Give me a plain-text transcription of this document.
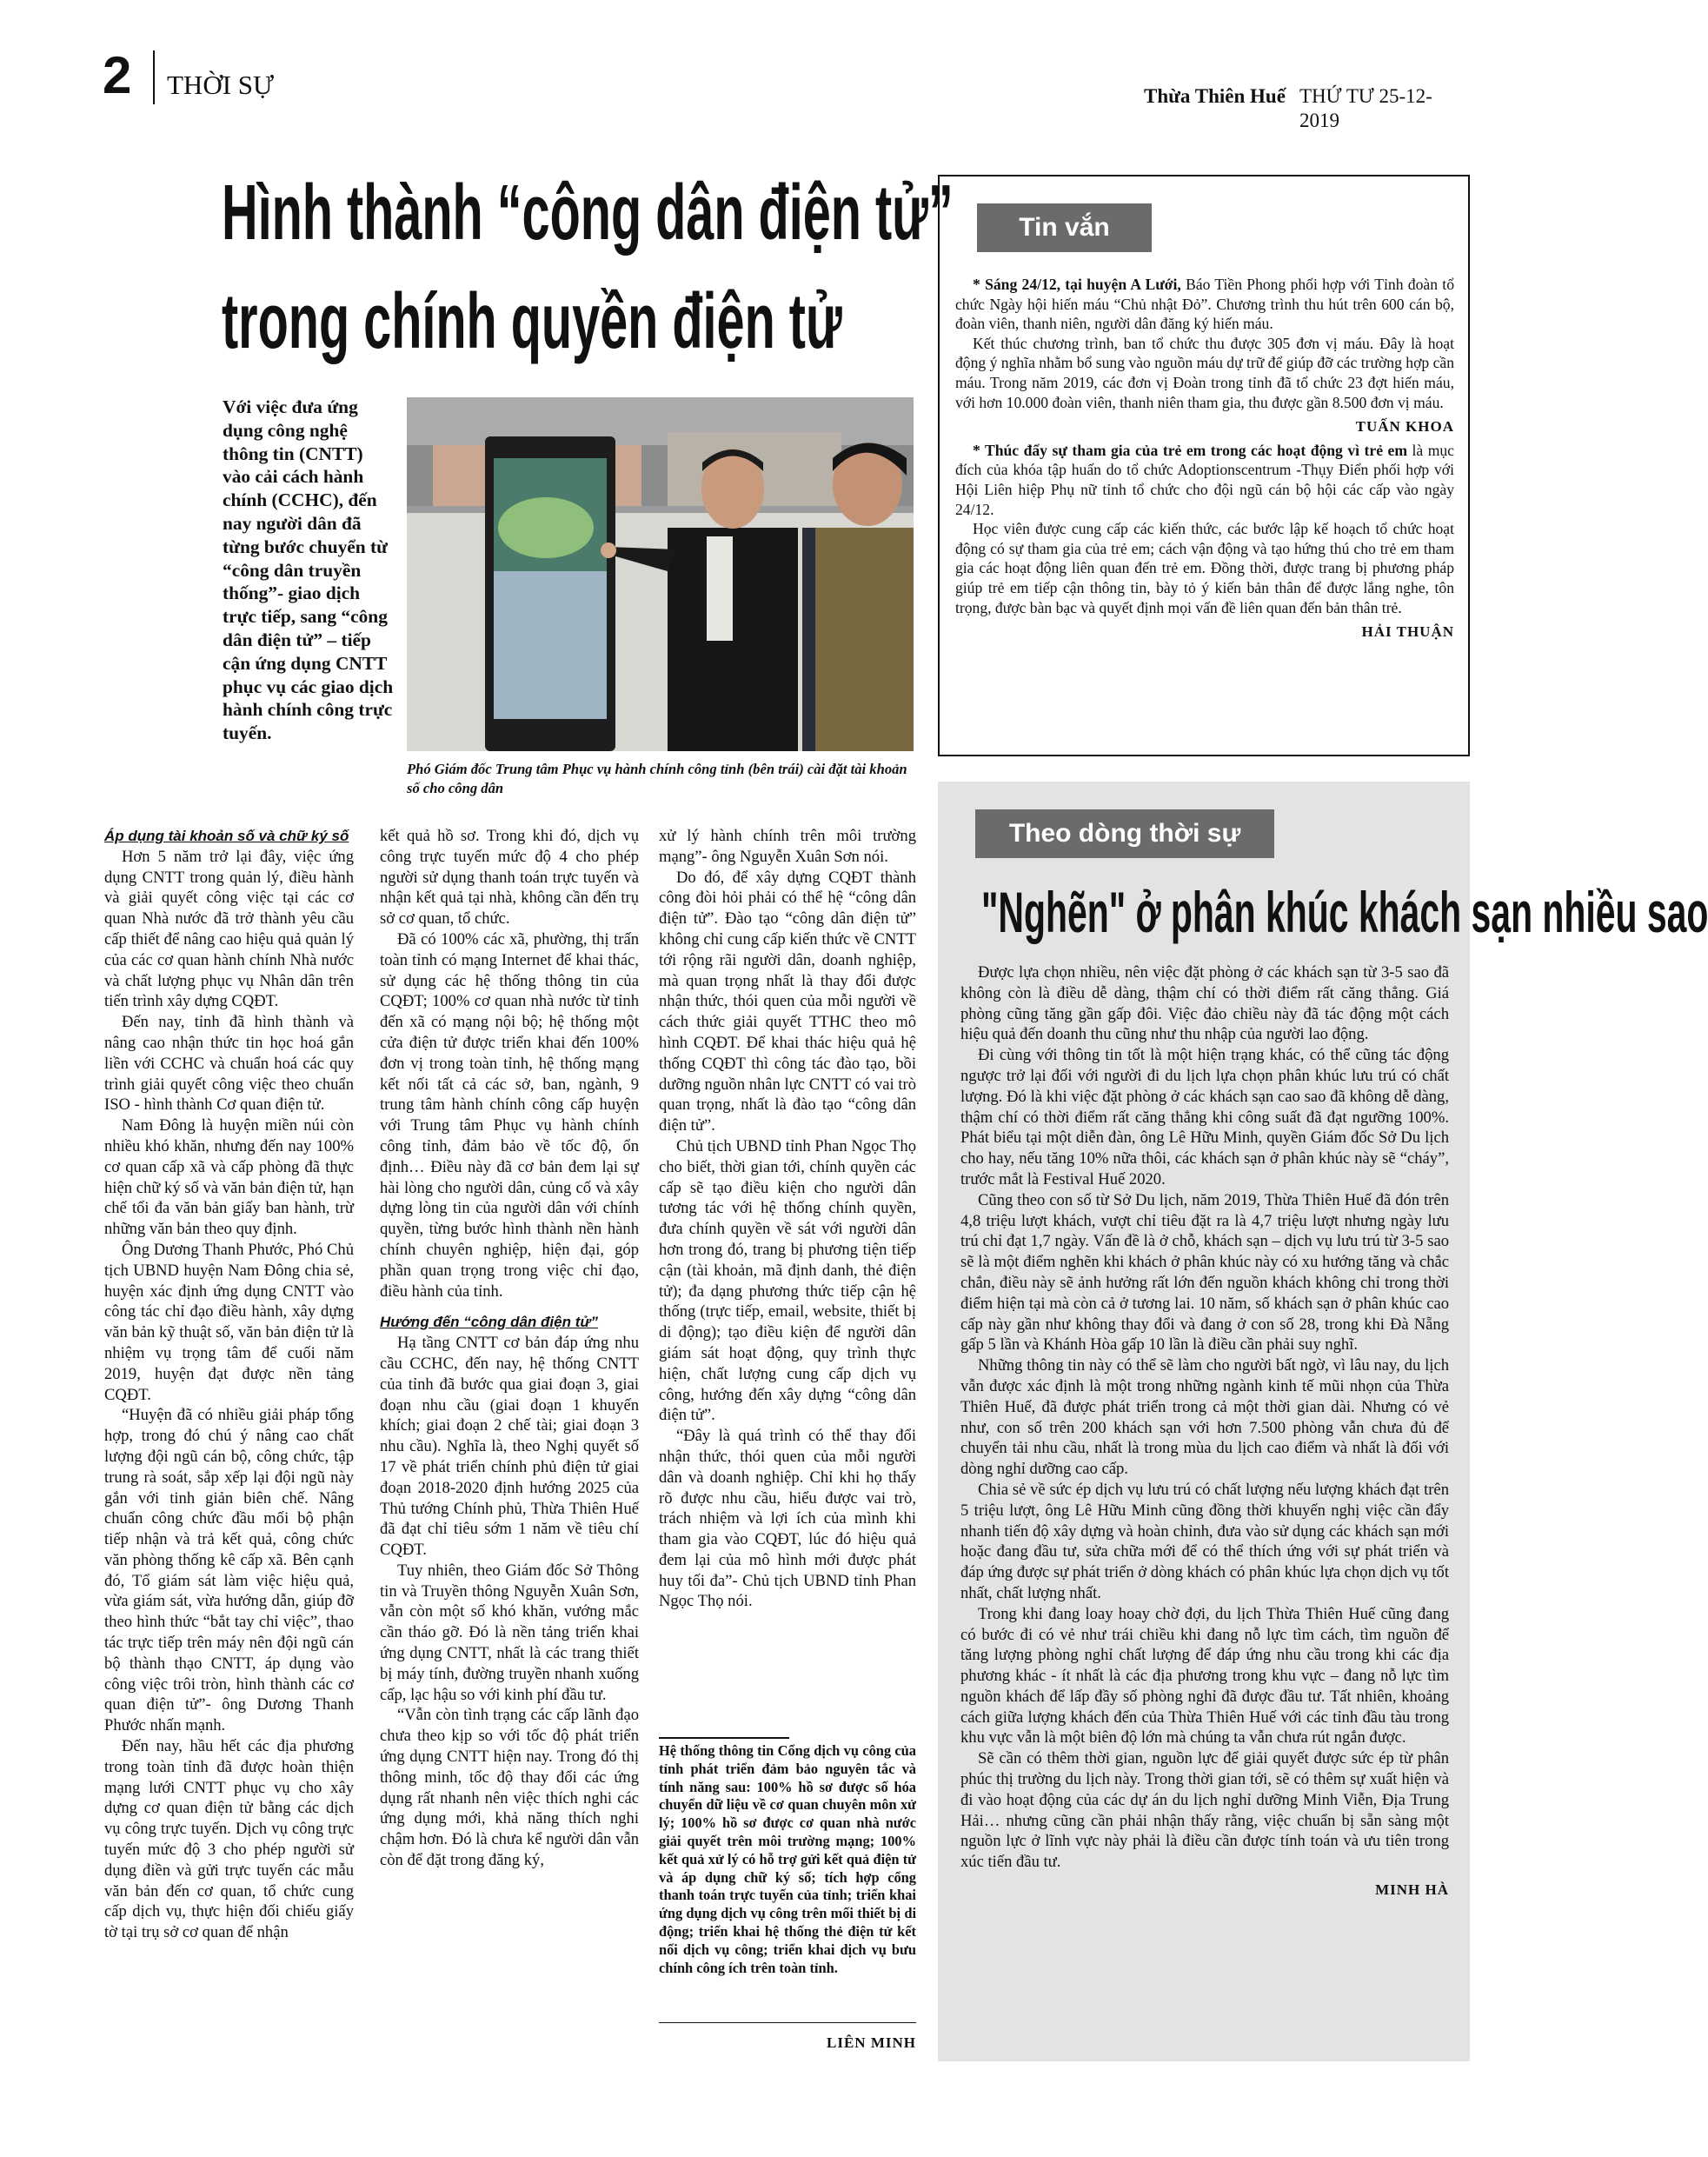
2 THỜI SỰ	Thừa Thiên Huế THỨ TƯ 25-12-2019
Hình thành “công dân điện tử”
trong chính quyền điện tử
Với việc đưa ứng dụng công nghệ thông tin (CNTT) vào cải cách hành chính (CCHC), đến nay người dân đã từng bước chuyển từ “công dân truyền thống”- giao dịch trực tiếp, sang “công dân điện tử” – tiếp cận ứng dụng CNTT phục vụ các giao dịch hành chính công trực tuyến.
Phó Giám đốc Trung tâm Phục vụ hành chính công tỉnh (bên trái) cài đặt tài khoản số cho công dân

Áp dụng tài khoản số và chữ ký số

Hơn 5 năm trở lại đây, việc ứng dụng CNTT trong quản lý, điều hành và giải quyết công việc tại các cơ quan Nhà nước đã trở thành yêu cầu cấp thiết để nâng cao hiệu quả quản lý của các cơ quan hành chính Nhà nước và chất lượng phục vụ Nhân dân trên tiến trình xây dựng CQĐT.

Đến nay, tỉnh đã hình thành và nâng cao nhận thức tin học hoá gắn liền với CCHC và chuẩn hoá các quy trình giải quyết công việc theo chuẩn ISO - hình thành Cơ quan điện tử.

Nam Đông là huyện miền núi còn nhiều khó khăn, nhưng đến nay 100% cơ quan cấp xã và cấp phòng đã thực hiện chữ ký số và văn bản điện tử, hạn chế tối đa văn bản giấy ban hành, trừ những văn bản theo quy định.

Ông Dương Thanh Phước, Phó Chủ tịch UBND huyện Nam Đông chia sẻ, huyện xác định ứng dụng CNTT vào công tác chỉ đạo điều hành, xây dựng văn bản kỹ thuật số, văn bản điện tử là nhiệm vụ trọng tâm để cuối năm 2019, huyện đạt được nền tảng CQĐT.

“Huyện đã có nhiều giải pháp tổng hợp, trong đó chú ý nâng cao chất lượng đội ngũ cán bộ, công chức, tập trung rà soát, sắp xếp lại đội ngũ này gắn với tinh giản biên chế. Nâng chuẩn công chức đầu mối bộ phận tiếp nhận và trả kết quả, công chức văn phòng thống kê cấp xã. Bên cạnh đó, Tổ giám sát làm việc hiệu quả, vừa giám sát, vừa hướng dẫn, giúp đỡ theo hình thức “bắt tay chỉ việc”, thao tác trực tiếp trên máy nên đội ngũ cán bộ thành thạo CNTT, áp dụng vào công việc trôi tròn, hình thành các cơ quan điện tử”- ông Dương Thanh Phước nhấn mạnh.

Đến nay, hầu hết các địa phương trong toàn tỉnh đã được hoàn thiện mạng lưới CNTT phục vụ cho xây dựng cơ quan điện tử bằng các dịch vụ công trực tuyến. Dịch vụ công trực tuyến mức độ 3 cho phép người sử dụng điền và gửi trực tuyến các mẫu văn bản đến cơ quan, tổ chức cung cấp dịch vụ, thực hiện đối chiếu giấy tờ tại trụ sở cơ quan để nhận

kết quả hồ sơ. Trong khi đó, dịch vụ công trực tuyến mức độ 4 cho phép người sử dụng thanh toán trực tuyến và nhận kết quả tại nhà, không cần đến trụ sở cơ quan, tổ chức.

Đã có 100% các xã, phường, thị trấn toàn tỉnh có mạng Internet để khai thác, sử dụng các hệ thống thông tin của CQĐT; 100% cơ quan nhà nước từ tỉnh đến xã có mạng nội bộ; hệ thống một cửa điện tử được triển khai đến 100% đơn vị trong toàn tỉnh, hệ thống mạng kết nối tất cả các sở, ban, ngành, 9 trung tâm hành chính công cấp huyện với Trung tâm Phục vụ hành chính công tỉnh, đảm bảo về tốc độ, ổn định… Điều này đã cơ bản đem lại sự hài lòng cho người dân, củng cố và xây dựng lòng tin của người dân với chính quyền, từng bước hình thành nền hành chính chuyên nghiệp, hiện đại, góp phần quan trọng trong việc chỉ đạo, điều hành của tỉnh.

Hướng đến “công dân điện tử”

Hạ tầng CNTT cơ bản đáp ứng nhu cầu CCHC, đến nay, hệ thống CNTT của tỉnh đã bước qua giai đoạn 3, giai đoạn nhu cầu (giai đoạn 1 khuyến khích; giai đoạn 2 chế tài; giai đoạn 3 nhu cầu). Nghĩa là, theo Nghị quyết số 17 về phát triển chính phủ điện tử giai đoạn 2018-2020 định hướng 2025 của Thủ tướng Chính phủ, Thừa Thiên Huế đã đạt chỉ tiêu sớm 1 năm về tiêu chí CQĐT.

Tuy nhiên, theo Giám đốc Sở Thông tin và Truyền thông Nguyễn Xuân Sơn, vẫn còn một số khó khăn, vướng mắc cần tháo gỡ. Đó là nền tảng triển khai ứng dụng CNTT, nhất là các trang thiết bị máy tính, đường truyền nhanh xuống cấp, lạc hậu so với kinh phí đầu tư.

“Vẫn còn tình trạng các cấp lãnh đạo chưa theo kịp so với tốc độ phát triển ứng dụng CNTT hiện nay. Trong đó thị thông minh, tốc độ thay đổi các ứng dụng rất nhanh nên việc thích nghi các ứng dụng mới, khả năng thích nghi chậm hơn. Đó là chưa kể người dân vẫn còn để đặt trong đăng ký,

xử lý hành chính trên môi trường mạng”- ông Nguyễn Xuân Sơn nói.

Do đó, để xây dựng CQĐT thành công đòi hỏi phải có thể hệ “công dân điện tử”. Đào tạo “công dân điện tử” không chỉ cung cấp kiến thức về CNTT tới rộng rãi người dân, doanh nghiệp, mà quan trọng nhất là thay đổi được nhận thức, thói quen của mỗi người về cách thức giải quyết TTHC theo mô hình CQĐT. Để khai thác hiệu quả hệ thống CQĐT thì công tác đào tạo, bồi dưỡng nguồn nhân lực CNTT có vai trò quan trọng, nhất là đào tạo “công dân điện tử”.

Chủ tịch UBND tỉnh Phan Ngọc Thọ cho biết, thời gian tới, chính quyền các cấp sẽ tạo điều kiện cho người dân tương tác với hệ thống chính quyền, đưa chính quyền về sát với người dân hơn trong đó, trang bị phương tiện tiếp cận (tài khoản, mã định danh, thẻ điện tử); đa dạng phương thức tiếp cận hệ thống (trực tiếp, email, website, thiết bị di động); tạo điều kiện để người dân giám sát hoạt động, quy trình thực hiện, chất lượng cung cấp dịch vụ công, hướng đến xây dựng “công dân điện tử”.

“Đây là quá trình có thể thay đổi nhận thức, thói quen của mỗi người dân và doanh nghiệp. Chỉ khi họ thấy rõ được nhu cầu, hiểu được vai trò, trách nhiệm và lợi ích của mình khi tham gia vào CQĐT, lúc đó hiệu quả đem lại của mô hình mới được phát huy tối đa”- Chủ tịch UBND tỉnh Phan Ngọc Thọ nói.

Hệ thống thông tin Cổng dịch vụ công của tỉnh phát triển đảm bảo nguyên tắc và tính năng sau: 100% hồ sơ được số hóa chuyển dữ liệu về cơ quan chuyên môn xử lý; 100% hồ sơ được cơ quan nhà nước giải quyết trên môi trường mạng; 100% kết quả xử lý có hỗ trợ gửi kết quả điện tử và áp dụng chữ ký số; tích hợp cổng thanh toán trực tuyến của tỉnh; triển khai ứng dụng dịch vụ công trên mối thiết bị di động; triển khai hệ thống thẻ điện tử kết nối dịch vụ công; triển khai dịch vụ bưu chính công ích trên toàn tỉnh.
LIÊN MINH
Tin vắn

* Sáng 24/12, tại huyện A Lưới, Báo Tiền Phong phối hợp với Tỉnh đoàn tổ chức Ngày hội hiến máu “Chủ nhật Đỏ”. Chương trình thu hút trên 600 cán bộ, đoàn viên, thanh niên, người dân đăng ký hiến máu.

Kết thúc chương trình, ban tổ chức thu được 305 đơn vị máu. Đây là hoạt động ý nghĩa nhằm bổ sung vào nguồn máu dự trữ để giúp đỡ các trường hợp cần máu. Trong năm 2019, các đơn vị Đoàn trong tỉnh đã tổ chức 23 đợt hiến máu, với hơn 10.000 đoàn viên, thanh niên tham gia, thu được gần 8.500 đơn vị máu.

TUẤN KHOA

* Thúc đẩy sự tham gia của trẻ em trong các hoạt động vì trẻ em là mục đích của khóa tập huấn do tổ chức Adoptionscentrum -Thụy Điển phối hợp với Hội Liên hiệp Phụ nữ tỉnh tổ chức cho đội ngũ cán bộ hội các cấp vào ngày 24/12.

Học viên được cung cấp các kiến thức, các bước lập kế hoạch tổ chức hoạt động có sự tham gia của trẻ em; cách vận động và tạo hứng thú cho trẻ em tham gia các hoạt động liên quan đến trẻ em. Đồng thời, được trang bị phương pháp giúp trẻ em tiếp cận thông tin, bày tỏ ý kiến bản thân để được lắng nghe, tôn trọng, được bàn bạc và quyết định mọi vấn đề liên quan đến bản thân trẻ.

HẢI THUẬN

Theo dòng thời sự
"Nghẽn" ở phân khúc khách sạn nhiều sao

Được lựa chọn nhiều, nên việc đặt phòng ở các khách sạn từ 3-5 sao đã không còn là điều dễ dàng, thậm chí có thời điểm rất căng thẳng. Giá phòng cũng tăng gần gấp đôi. Việc đảo chiều này đã tác động một cách hiệu quả đến doanh thu cũng như thu nhập của người lao động.

Đi cùng với thông tin tốt là một hiện trạng khác, có thể cũng tác động ngược trở lại đối với người đi du lịch lựa chọn phân khúc lưu trú có chất lượng. Đó là khi việc đặt phòng ở các khách sạn cao sao đã không dễ dàng, thậm chí có thời điểm rất căng thẳng khi công suất đã đạt ngưỡng 100%. Phát biểu tại một diễn đàn, ông Lê Hữu Minh, quyền Giám đốc Sở Du lịch cho hay, nếu tăng 10% nữa thôi, các khách sạn ở phân khúc này sẽ “cháy”, trước mắt là Festival Huế 2020.

Cũng theo con số từ Sở Du lịch, năm 2019, Thừa Thiên Huế đã đón trên 4,8 triệu lượt khách, vượt chỉ tiêu đặt ra là 4,7 triệu lượt nhưng ngày lưu trú chỉ đạt 1,7 ngày. Vấn đề là ở chỗ, khách sạn – dịch vụ lưu trú từ 3-5 sao sẽ là một điểm nghẽn khi khách ở phân khúc này có xu hướng tăng và chắc chắn, điều này sẽ ảnh hưởng rất lớn đến nguồn khách không chỉ trong thời điểm hiện tại mà còn cả ở tương lai. 10 năm, số khách sạn ở phân khúc cao cấp này gần như không thay đổi và đang ở con số 28, trong khi Đà Nẵng gấp 5 lần và Khánh Hòa gấp 10 lần là điều cần phải suy nghĩ.

Những thông tin này có thể sẽ làm cho người bất ngờ, vì lâu nay, du lịch vẫn được xác định là một trong những ngành kinh tế mũi nhọn của Thừa Thiên Huế, đã được phát triển trong cả một thời gian dài. Nhưng có vẻ như, con số trên 200 khách sạn với hơn 7.500 phòng vẫn chưa đủ để chuyển tải nhu cầu, nhất là trong mùa du lịch cao điểm và nhất là đối với dòng nghỉ dưỡng cao cấp.

Chia sẻ về sức ép dịch vụ lưu trú có chất lượng nếu lượng khách đạt trên 5 triệu lượt, ông Lê Hữu Minh cũng đồng thời khuyến nghị việc cần đẩy nhanh tiến độ xây dựng và hoàn chỉnh, đưa vào sử dụng các khách sạn mới hoặc đang đầu tư, sửa chữa mới để có thể thích ứng với sự phát triển và đáp ứng được sự phát triển ở dòng khách có phân khúc lựa chọn dịch vụ tốt nhất, chất lượng nhất.

Trong khi đang loay hoay chờ đợi, du lịch Thừa Thiên Huế cũng đang có bước đi có vẻ như trái chiều khi đang nỗ lực tìm cách, tìm nguồn để tăng lượng phòng nghỉ chất lượng để đáp ứng nhu cầu trong khi các địa phương khác - ít nhất là các địa phương trong khu vực – đang nỗ lực tìm nguồn khách để lấp đầy số phòng nghỉ đã được đầu tư. Tất nhiên, khoảng cách giữa lượng khách đến của Thừa Thiên Huế với các tỉnh đầu tàu trong khu vực vẫn là một biên độ lớn mà chúng ta vẫn chưa rút ngắn được.

Sẽ cần có thêm thời gian, nguồn lực để giải quyết được sức ép từ phân phúc thị trường du lịch này. Trong thời gian tới, sẽ có thêm sự xuất hiện và đi vào hoạt động của các dự án du lịch nghỉ dưỡng Minh Viễn, Địa Trung Hải… nhưng cũng cần phải nhận thấy rằng, việc chuẩn bị sẵn sàng một nguồn lực ở lĩnh vực này phải là điều cần được tính toán và ưu tiên trong xúc tiến đầu tư.

MINH HÀ
